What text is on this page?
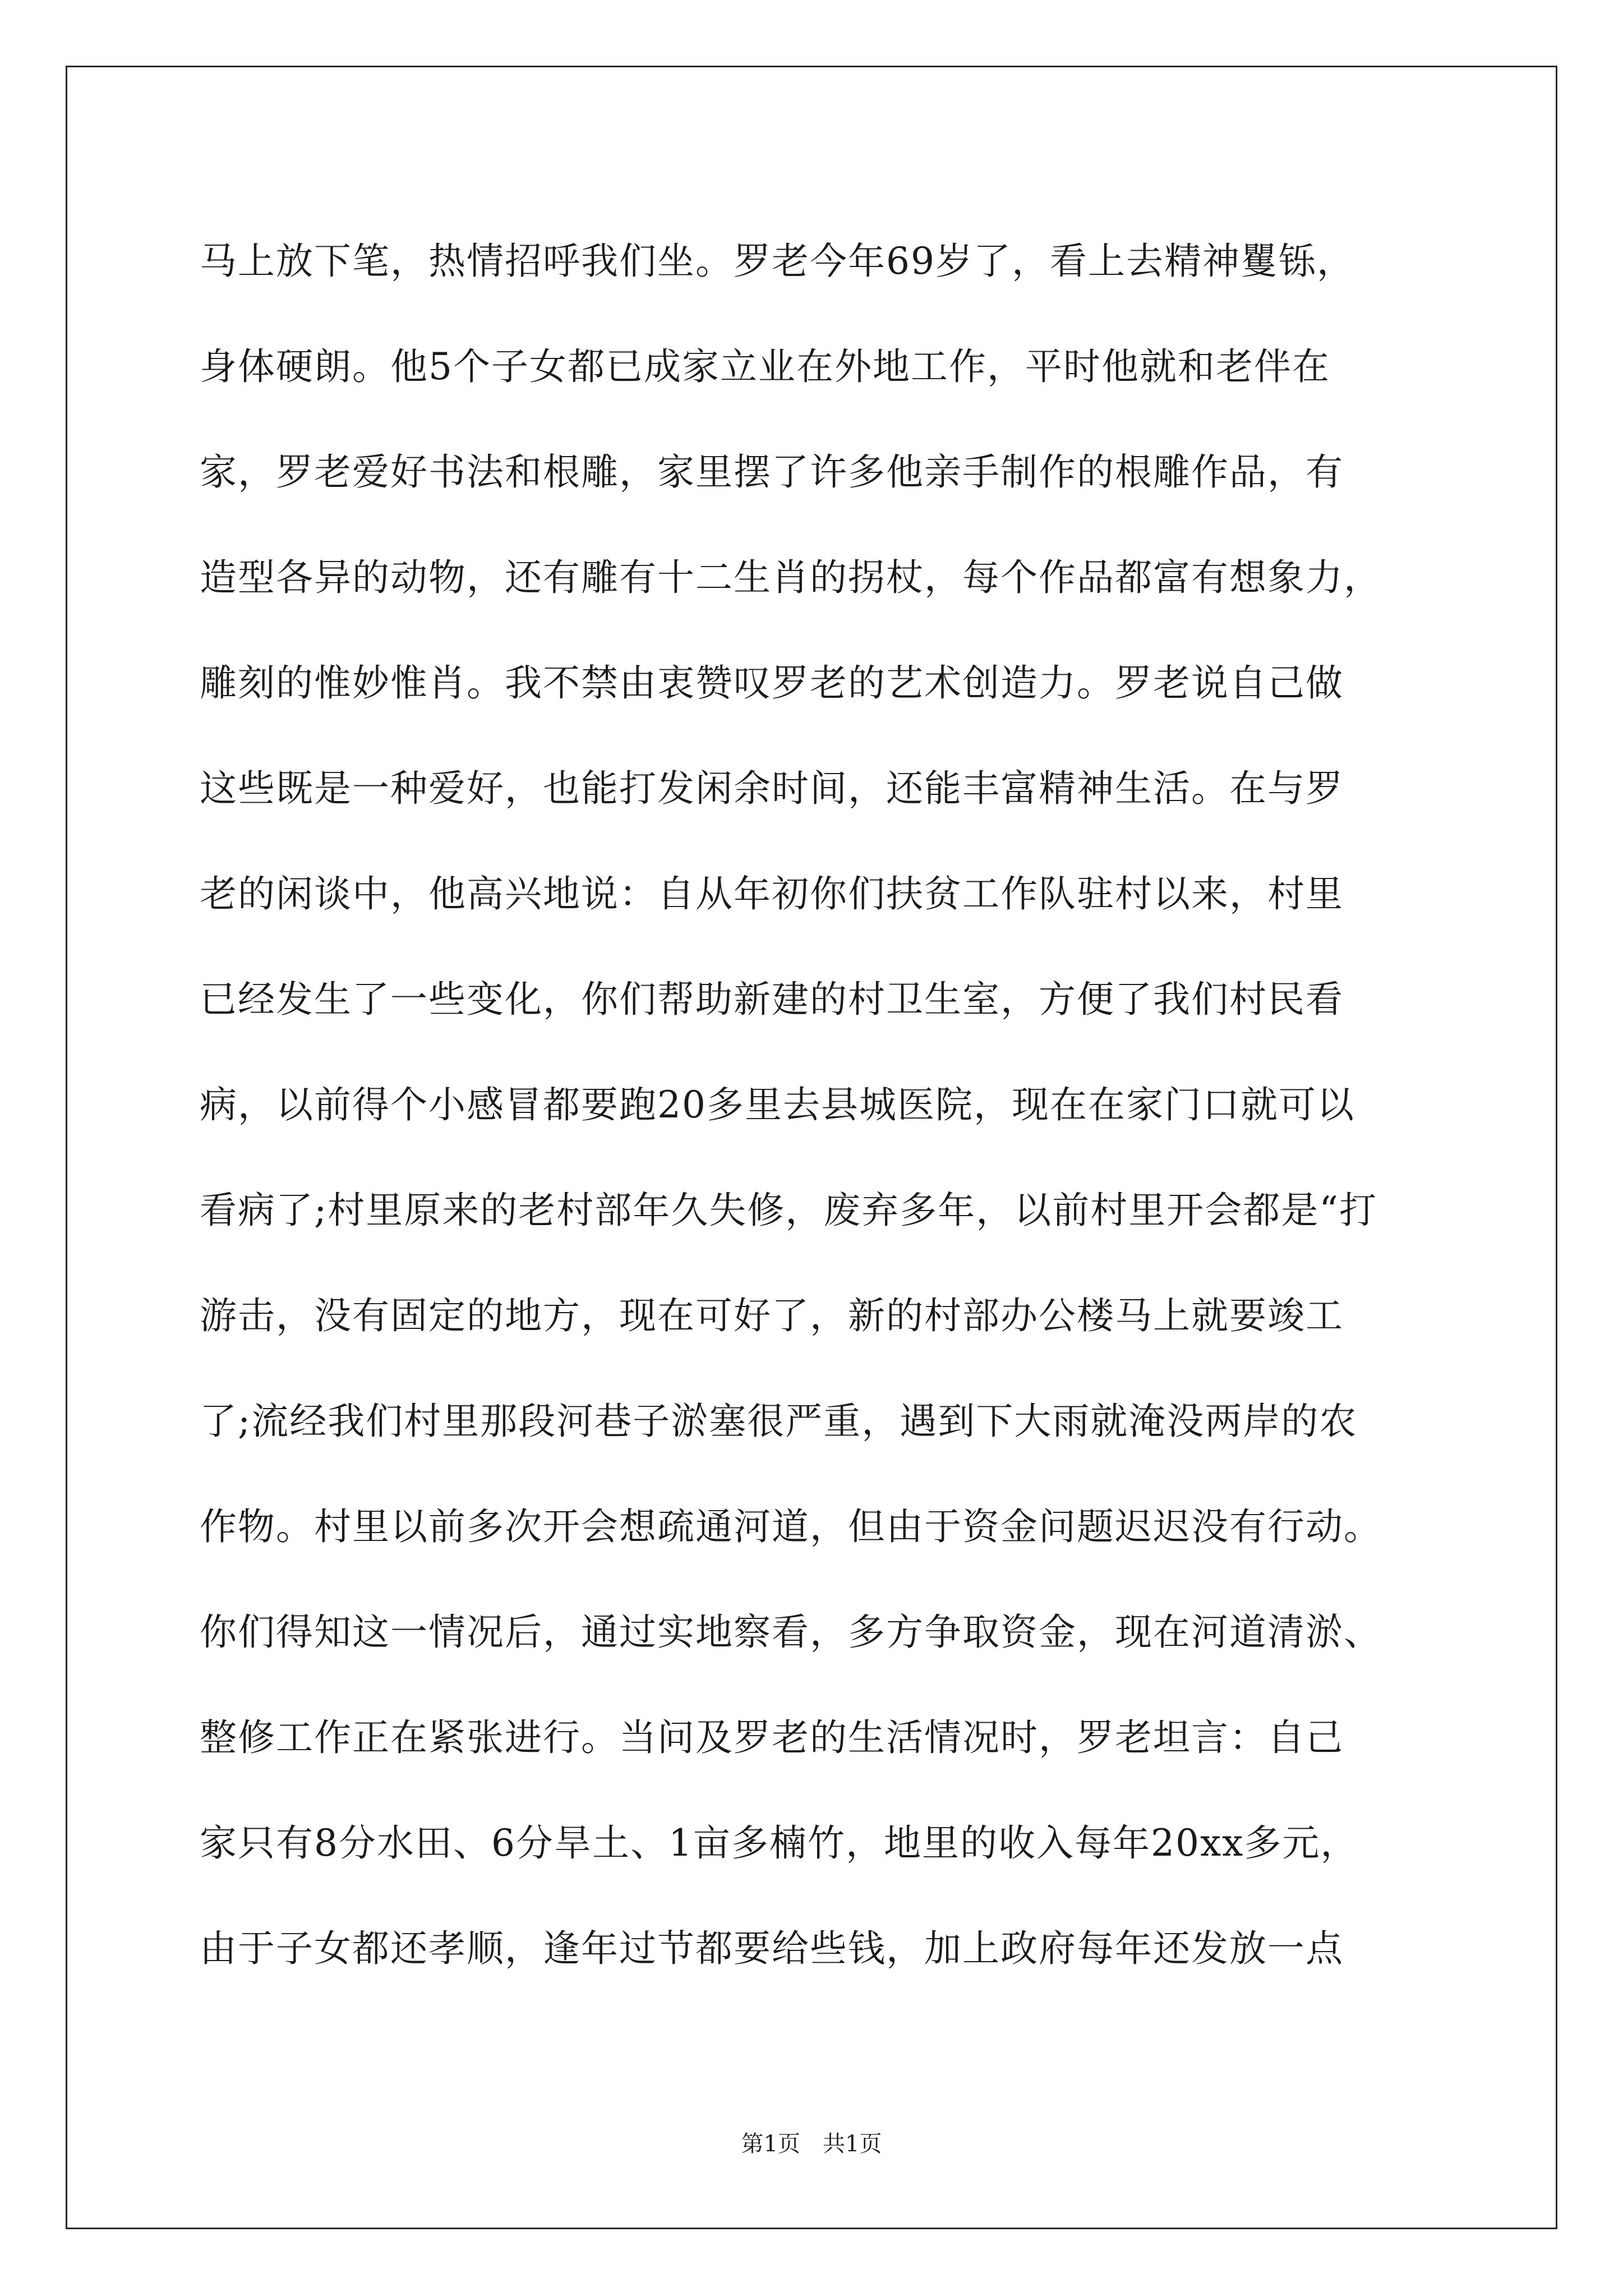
马上放下笔，热情招呼我们坐。罗老今年69岁了，看上去精神矍铄，
身体硬朗。他5个子女都已成家立业在外地工作，平时他就和老伴在
家，罗老爱好书法和根雕，家里摆了许多他亲手制作的根雕作品，有
造型各异的动物，还有雕有十二生肖的拐杖，每个作品都富有想象力，
雕刻的惟妙惟肖。我不禁由衷赞叹罗老的艺术创造力。罗老说自己做
这些既是一种爱好，也能打发闲余时间，还能丰富精神生活。在与罗
老的闲谈中，他高兴地说：自从年初你们扶贫工作队驻村以来，村里
已经发生了一些变化，你们帮助新建的村卫生室，方便了我们村民看
病，以前得个小感冒都要跑20多里去县城医院，现在在家门口就可以
看病了;村里原来的老村部年久失修，废弃多年，以前村里开会都是“打
游击，没有固定的地方，现在可好了，新的村部办公楼马上就要竣工
了;流经我们村里那段河巷子淤塞很严重，遇到下大雨就淹没两岸的农
作物。村里以前多次开会想疏通河道，但由于资金问题迟迟没有行动。
你们得知这一情况后，通过实地察看，多方争取资金，现在河道清淤、
整修工作正在紧张进行。当问及罗老的生活情况时，罗老坦言：自己
家只有8分水田、6分旱土、1亩多楠竹，地里的收入每年20xx多元，
由于子女都还孝顺，逢年过节都要给些钱，加上政府每年还发放一点
第1页 共1页
